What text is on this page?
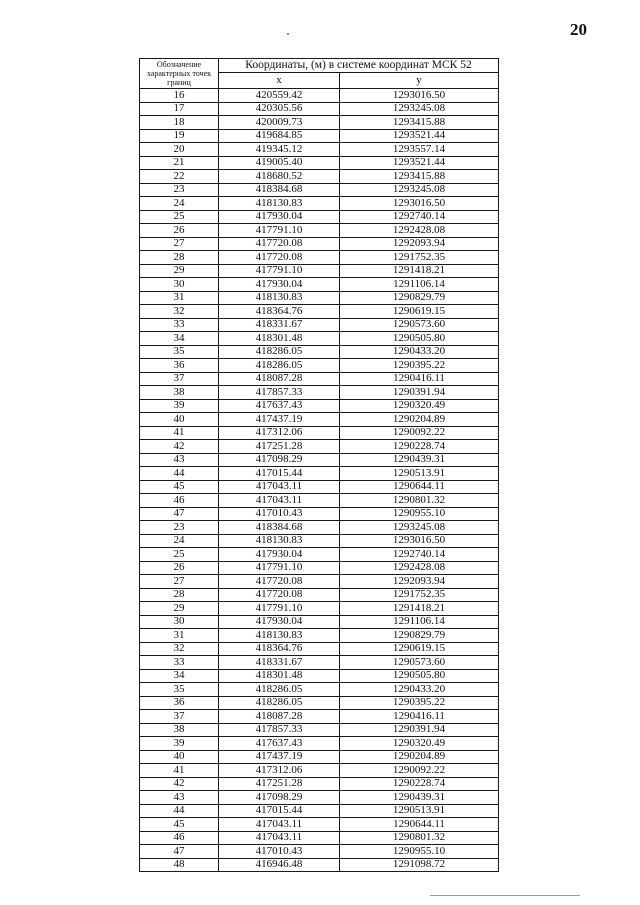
20
Обозначение характерных точек границ	Координаты, (м) в системе координат МСК 52	
	x	y
16	420559.42	1293016.50
17	420305.56	1293245.08
18	420009.73	1293415.88
19	419684.85	1293521.44
20	419345.12	1293557.14
21	419005.40	1293521.44
22	418680.52	1293415.88
23	418384.68	1293245.08
24	418130.83	1293016.50
25	417930.04	1292740.14
26	417791.10	1292428.08
27	417720.08	1292093.94
28	417720.08	1291752.35
29	417791.10	1291418.21
30	417930.04	1291106.14
31	418130.83	1290829.79
32	418364.76	1290619.15
33	418331.67	1290573.60
34	418301.48	1290505.80
35	418286.05	1290433.20
36	418286.05	1290395.22
37	418087.28	1290416.11
38	417857.33	1290391.94
39	417637.43	1290320.49
40	417437.19	1290204.89
41	417312.06	1290092.22
42	417251.28	1290228.74
43	417098.29	1290439.31
44	417015.44	1290513.91
45	417043.11	1290644.11
46	417043.11	1290801.32
47	417010.43	1290955.10
23	418384.68	1293245.08
24	418130.83	1293016.50
25	417930.04	1292740.14
26	417791.10	1292428.08
27	417720.08	1292093.94
28	417720.08	1291752.35
29	417791.10	1291418.21
30	417930.04	1291106.14
31	418130.83	1290829.79
32	418364.76	1290619.15
33	418331.67	1290573.60
34	418301.48	1290505.80
35	418286.05	1290433.20
36	418286.05	1290395.22
37	418087.28	1290416.11
38	417857.33	1290391.94
39	417637.43	1290320.49
40	417437.19	1290204.89
41	417312.06	1290092.22
42	417251.28	1290228.74
43	417098.29	1290439.31
44	417015.44	1290513.91
45	417043.11	1290644.11
46	417043.11	1290801.32
47	417010.43	1290955.10
48	416946.48	1291098.72
